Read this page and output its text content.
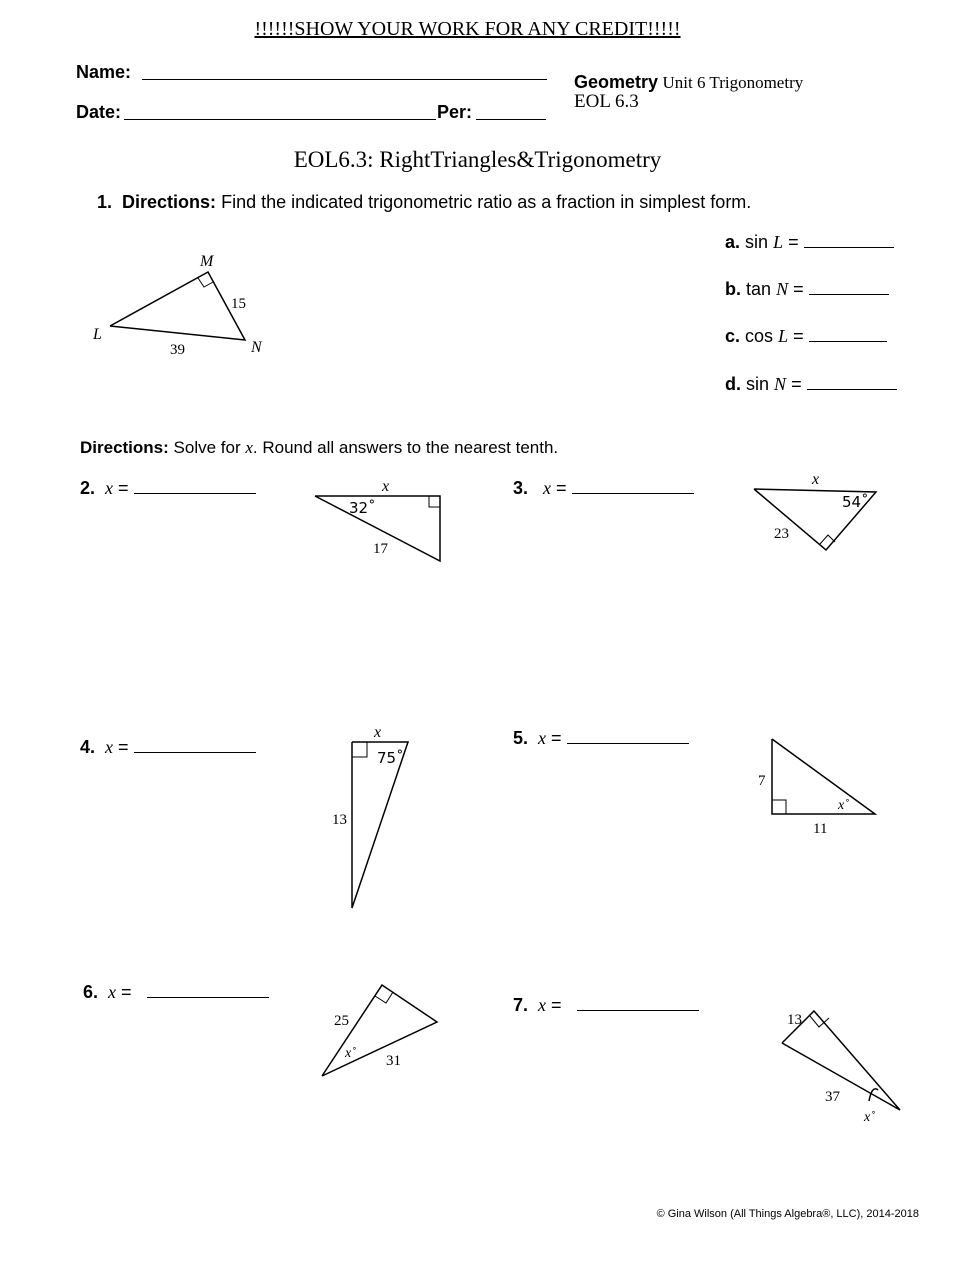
!!!!!!SHOW YOUR WORK FOR ANY CREDIT!!!!!
Name:
Date:	Per:
Geometry Unit 6 Trigonometry
EOL 6.3
EOL6.3: RightTriangles&Trigonometry
1. Directions: Find the indicated trigonometric ratio as a fraction in simplest form.
M
L
N
15
39
a. sin L =
b. tan N =
c. cos L =
d. sin N =
Directions: Solve for x. Round all answers to the nearest tenth.
2. x =	x
32˚
17
3. x =	x
54˚
23
4. x =
x
75˚
13
5. x =
7
11
x˚
6. x =
25
31
x˚
7. x =
13
37
x˚
© Gina Wilson (All Things Algebra®, LLC), 2014-2018
